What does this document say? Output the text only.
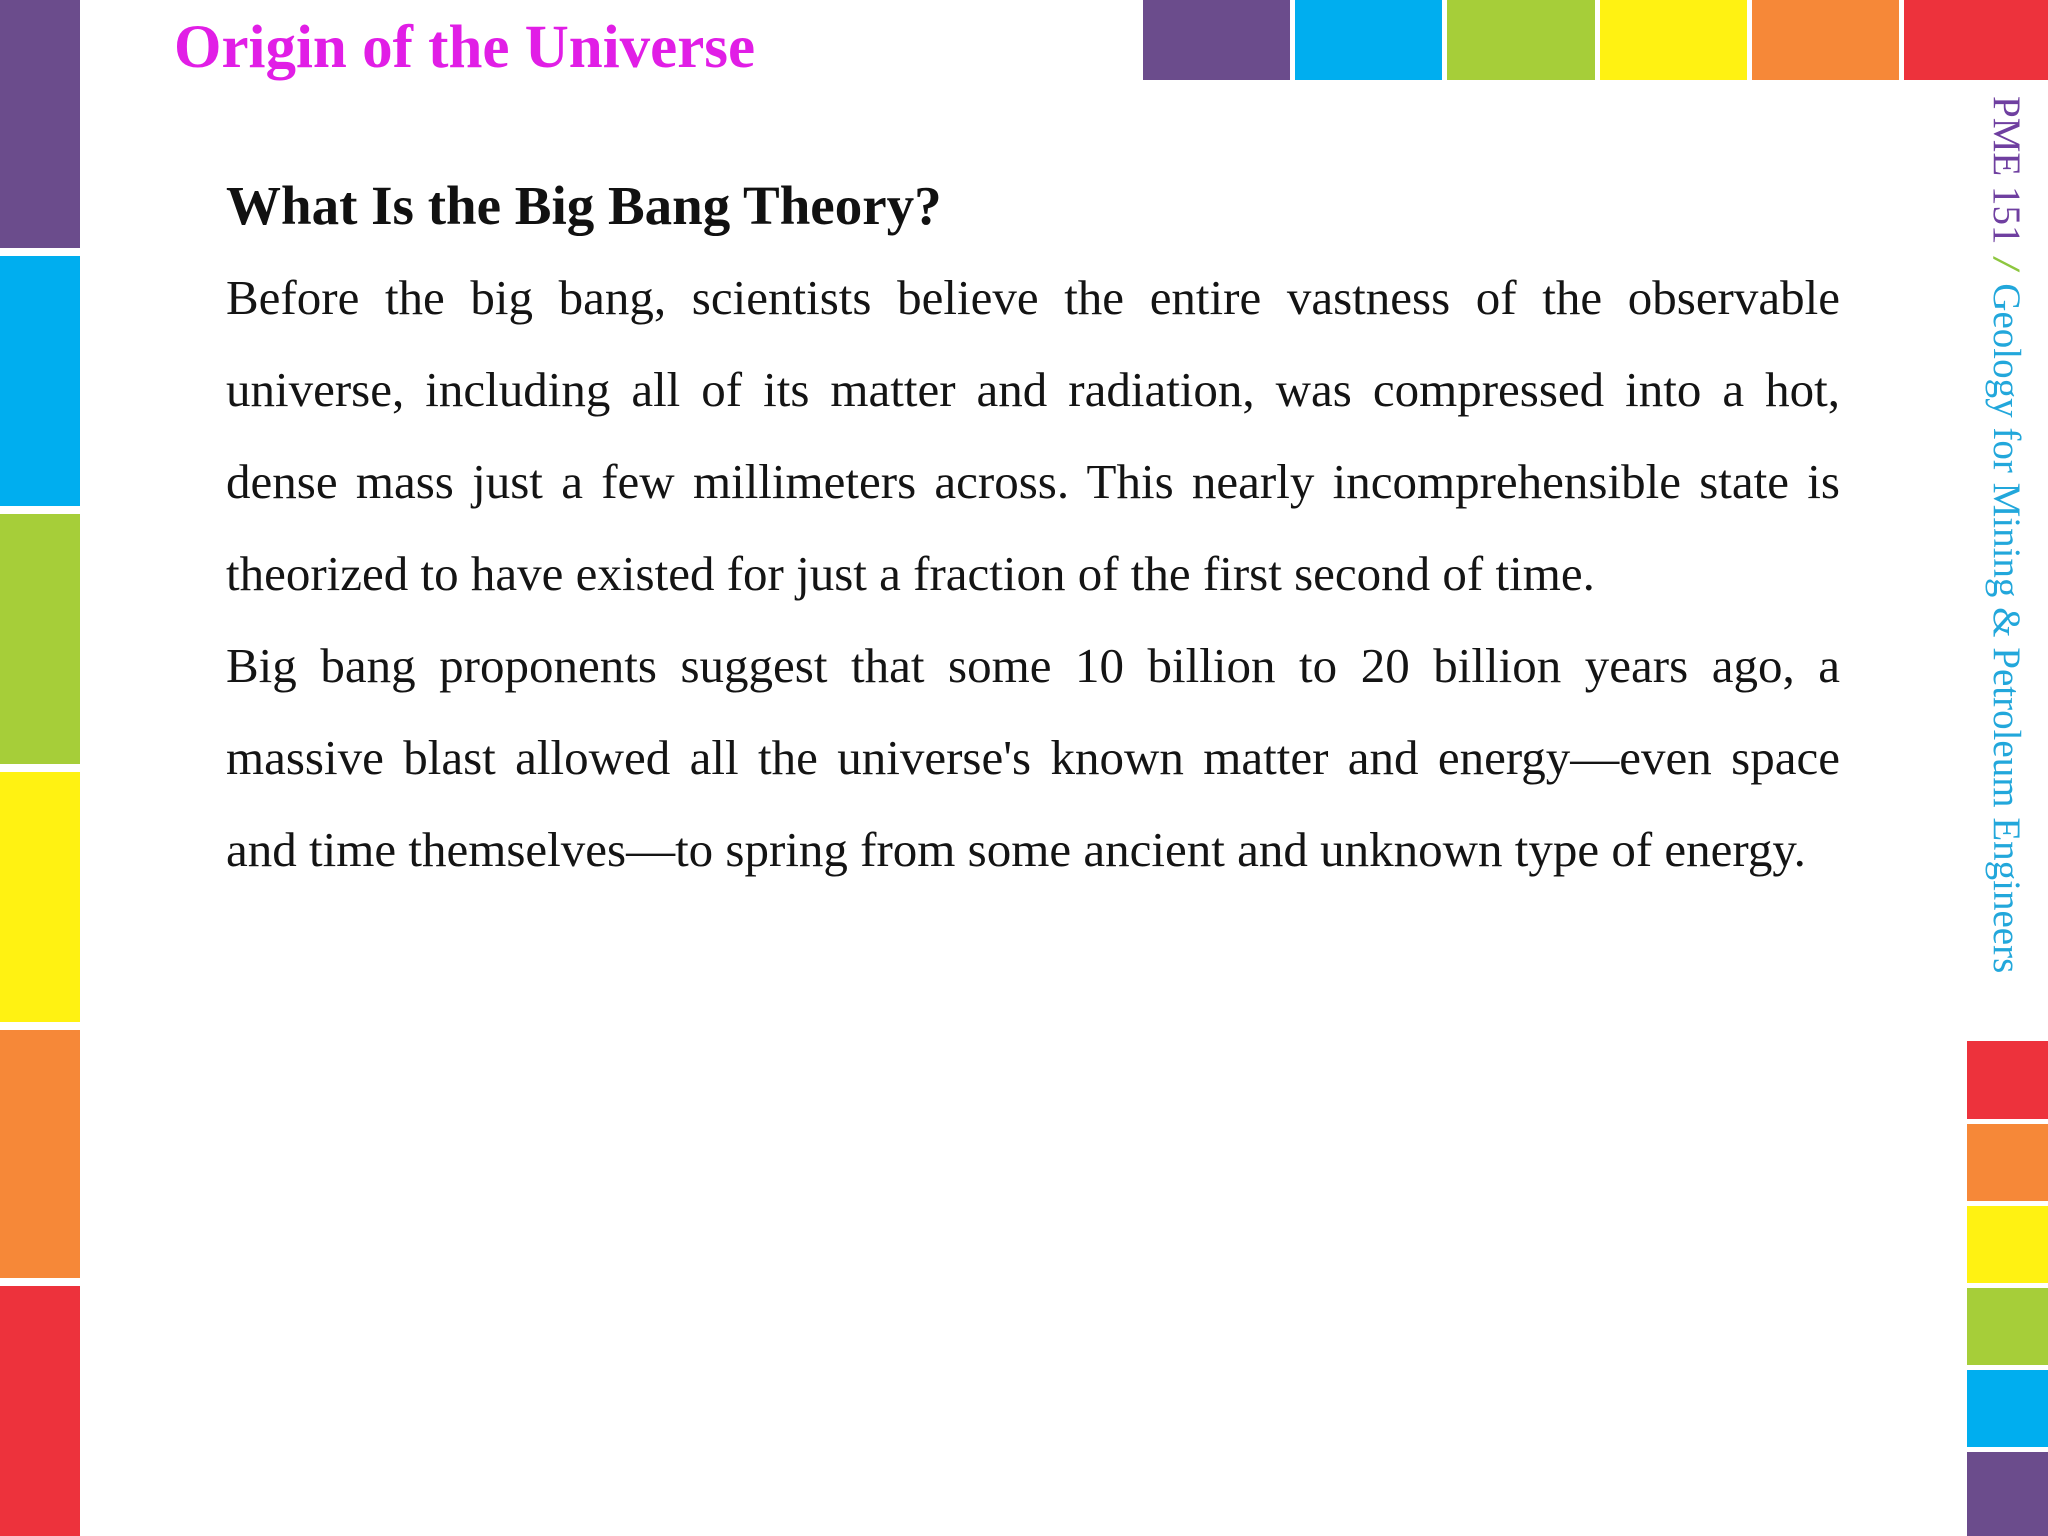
Origin of the Universe
What Is the Big Bang Theory?

Before the big bang, scientists believe the entire vastness of the observable universe, including all of its matter and radiation, was compressed into a hot, dense mass just a few millimeters across. This nearly incomprehensible state is theorized to have existed for just a fraction of the first second of time.

Big bang proponents suggest that some 10 billion to 20 billion years ago, a massive blast allowed all the universe's known matter and energy—even space and time themselves—to spring from some ancient and unknown type of energy.

PME 151/Geology for Mining & Petroleum Engineers
